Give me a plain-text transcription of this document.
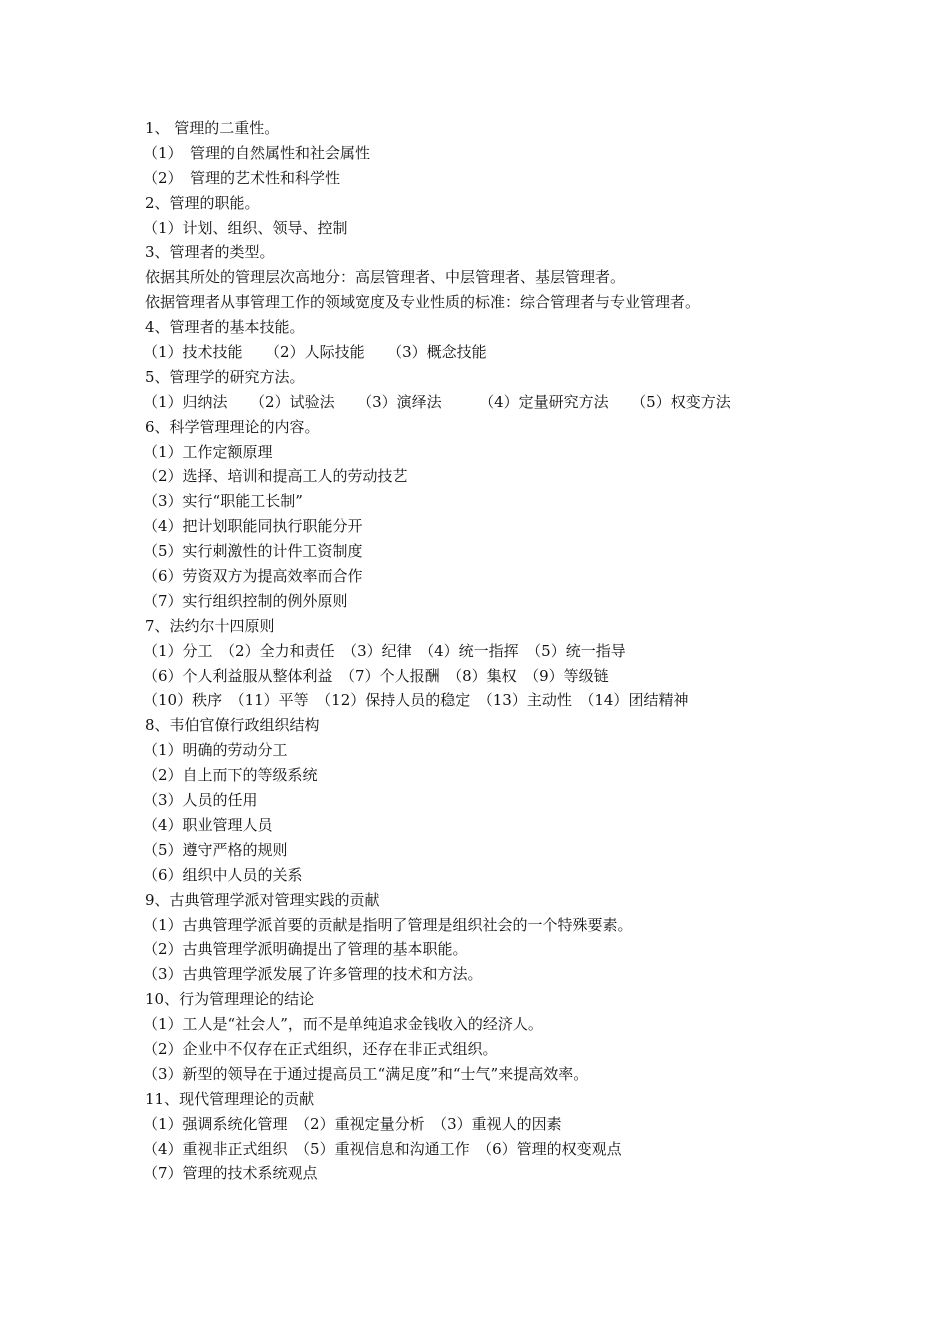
1、 管理的二重性。
（1）　管理的自然属性和社会属性
（2）　管理的艺术性和科学性
2、管理的职能。
（1）计划、组织、领导、控制
3、管理者的类型。
依据其所处的管理层次高地分：高层管理者、中层管理者、基层管理者。
依据管理者从事管理工作的领域宽度及专业性质的标准：综合管理者与专业管理者。
4、管理者的基本技能。
（1）技术技能　　（2）人际技能　　（3）概念技能
5、管理学的研究方法。
（1）归纳法　　（2）试验法　　（3）演绎法　　　（4）定量研究方法　　（5）权变方法
6、科学管理理论的内容。
（1）工作定额原理
（2）选择、培训和提高工人的劳动技艺
（3）实行“职能工长制”
（4）把计划职能同执行职能分开
（5）实行刺激性的计件工资制度
（6）劳资双方为提高效率而合作
（7）实行组织控制的例外原则
7、法约尔十四原则
（1）分工　（2）全力和责任　（3）纪律　（4）统一指挥　（5）统一指导
（6）个人利益服从整体利益　（7）个人报酬　（8）集权　（9）等级链
（10）秩序　（11）平等　（12）保持人员的稳定　（13）主动性　（14）团结精神
8、韦伯官僚行政组织结构
（1）明确的劳动分工
（2）自上而下的等级系统
（3）人员的任用
（4）职业管理人员
（5）遵守严格的规则
（6）组织中人员的关系
9、古典管理学派对管理实践的贡献
（1）古典管理学派首要的贡献是指明了管理是组织社会的一个特殊要素。
（2）古典管理学派明确提出了管理的基本职能。
（3）古典管理学派发展了许多管理的技术和方法。
10、行为管理理论的结论
（1）工人是“社会人”，而不是单纯追求金钱收入的经济人。
（2）企业中不仅存在正式组织，还存在非正式组织。
（3）新型的领导在于通过提高员工“满足度”和“士气”来提高效率。
11、现代管理理论的贡献
（1）强调系统化管理　（2）重视定量分析　（3）重视人的因素
（4）重视非正式组织　（5）重视信息和沟通工作　（6）管理的权变观点
（7）管理的技术系统观点
